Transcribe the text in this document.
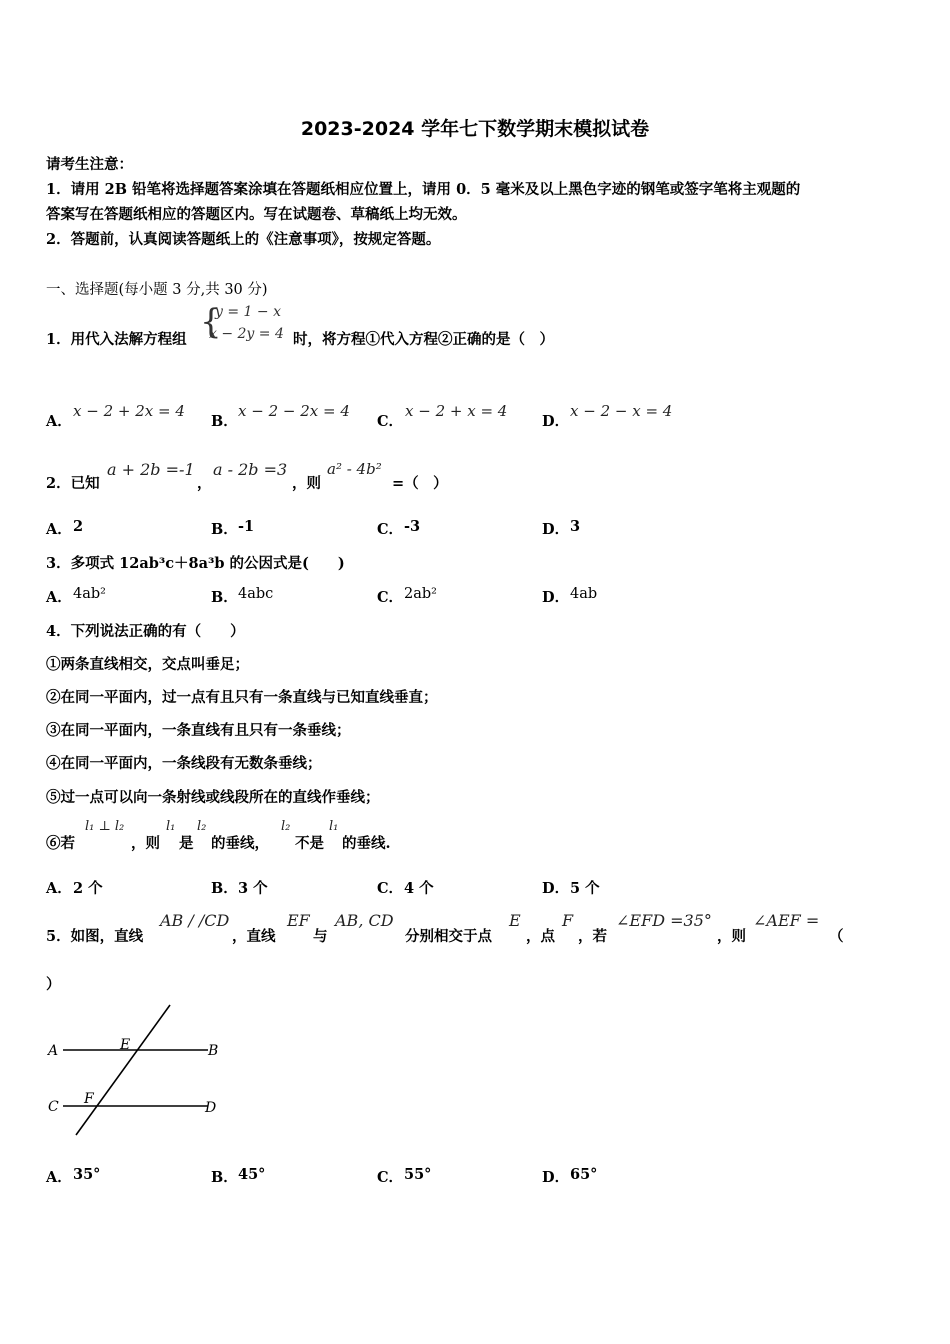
2023-2024 学年七下数学期末模拟试卷
请考生注意：
1．请用 2B 铅笔将选择题答案涂填在答题纸相应位置上，请用 0．5 毫米及以上黑色字迹的钢笔或签字笔将主观题的
答案写在答题纸相应的答题区内。写在试题卷、草稿纸上均无效。
2．答题前，认真阅读答题纸上的《注意事项》，按规定答题。
一、选择题(每小题 3 分,共 30 分)
1．用代入法解方程组 {
y = 1 − x
x − 2y = 4 时，将方程①代入方程②正确的是（　）
A．
x − 2 + 2x = 4
B．
x − 2 − 2x = 4
C．
x − 2 + x = 4
D．
x − 2 − x = 4
2．已知
a + 2b =-1
，
a - 2b =3
，则
a² - 4b²
=（　）
A． 2	B． -1	C． -3	D． 3
3．多项式 12ab³c＋8a³b 的公因式是(　　)
A． 4ab²	B． 4abc	C． 2ab²	D． 4ab
4．下列说法正确的有（　　）
①两条直线相交，交点叫垂足；
②在同一平面内，过一点有且只有一条直线与已知直线垂直；
③在同一平面内，一条直线有且只有一条垂线；
④在同一平面内，一条线段有无数条垂线；
⑤过一点可以向一条射线或线段所在的直线作垂线；
⑥若
l₁ ⊥ l₂
，则
l₁
是
l₂
的垂线，
l₂
不是
l₁
的垂线.
A． 2 个	B． 3 个	C． 4 个	D． 5 个
5．如图，直线
AB / /CD
，直线
EF
与
AB, CD
分别相交于点
E
，点
F
，若
∠EFD =35°
，则
∠AEF =
（
）
A	E	B
C F
D
A． 35°	B． 45°	C． 55°	D． 65°
